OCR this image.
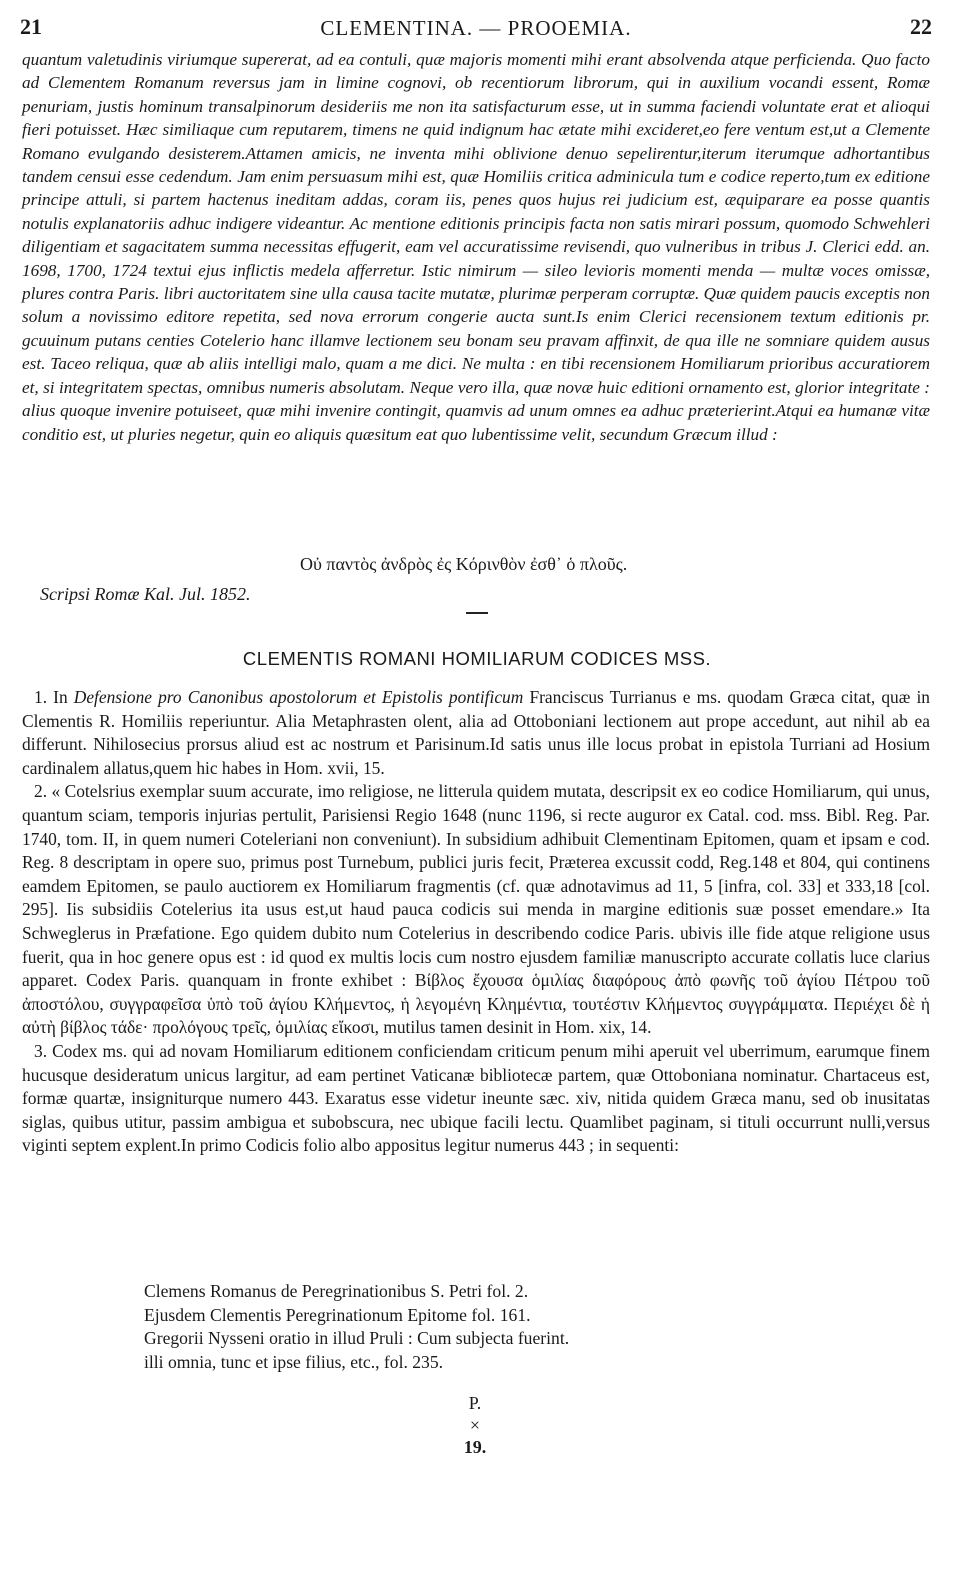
21	CLEMENTINA. — PROOEMIA.	22

quantum valetudinis viriumque supererat, ad ea contuli, quæ majoris momenti mihi erant absolvenda atque perficienda. Quo facto ad Clementem Romanum reversus jam in limine cognovi, ob recentiorum librorum, qui in auxilium vocandi essent, Romæ penuriam, justis hominum transalpinorum desideriis me non ita satisfacturum esse, ut in summa faciendi voluntate erat et alioqui fieri potuisset. Hæc similiaque cum reputarem, timens ne quid indignum hac ætate mihi excideret,eo fere ventum est,ut a Clemente Romano evulgando desisterem.Attamen amicis, ne inventa mihi oblivione denuo sepelirentur,iterum iterumque adhortantibus tandem censui esse cedendum. Jam enim persuasum mihi est, quæ Homiliis critica adminicula tum e codice reperto,tum ex editione principe attuli, si partem hactenus ineditam addas, coram iis, penes quos hujus rei judicium est, æquiparare ea posse quantis notulis explanatoriis adhuc indigere videantur. Ac mentione editionis principis facta non satis mirari possum, quomodo Schwehleri diligentiam et sagacitatem summa necessitas effugerit, eam vel accuratissime revisendi, quo vulneribus in tribus J. Clerici edd. an. 1698, 1700, 1724 textui ejus inflictis medela afferretur. Istic nimirum — sileo levioris momenti menda — multæ voces omissæ, plures contra Paris. libri auctoritatem sine ulla causa tacite mutatæ, plurimæ perperam corruptæ. Quæ quidem paucis exceptis non solum a novissimo editore repetita, sed nova errorum congerie aucta sunt.Is enim Clerici recensionem textum editionis pr. gcuuinum putans centies Cotelerio hanc illamve lectionem seu bonam seu pravam affinxit, de qua ille ne somniare quidem ausus est. Taceo reliqua, quæ ab aliis intelligi malo, quam a me dici. Ne multa : en tibi recensionem Homiliarum prioribus accuratiorem et, si integritatem spectas, omnibus numeris absolutam. Neque vero illa, quæ novæ huic editioni ornamento est, glorior integritate : alius quoque invenire potuiseet, quæ mihi invenire contingit, quamvis ad unum omnes ea adhuc præterierint.Atqui ea humanæ vitæ conditio est, ut pluries negetur, quin eo aliquis quæsitum eat quo lubentissime velit, secundum Græcum illud :

Οὐ παντὸς ἀνδρὸς ἐς Κόρινθὸν ἐσθ᾽ ὁ πλοῦς.
Scripsi Romæ Kal. Jul. 1852.
CLEMENTIS ROMANI HOMILIARUM CODICES MSS.

1. In Defensione pro Canonibus apostolorum et Epistolis pontificum Franciscus Turrianus e ms. quodam Græca citat, quæ in Clementis R. Homiliis reperiuntur. Alia Metaphrasten olent, alia ad Ottoboniani lectionem aut prope accedunt, aut nihil ab ea differunt. Nihilosecius prorsus aliud est ac nostrum et Parisinum.Id satis unus ille locus probat in epistola Turriani ad Hosium cardinalem allatus,quem hic habes in Hom. xvii, 15.

2. « Cotelsrius exemplar suum accurate, imo religiose, ne litterula quidem mutata, descripsit ex eo codice Homiliarum, qui unus, quantum sciam, temporis injurias pertulit, Parisiensi Regio 1648 (nunc 1196, si recte auguror ex Catal. cod. mss. Bibl. Reg. Par. 1740, tom. II, in quem numeri Coteleriani non conveniunt). In subsidium adhibuit Clementinam Epitomen, quam et ipsam e cod. Reg. 8 descriptam in opere suo, primus post Turnebum, publici juris fecit, Præterea excussit codd, Reg.148 et 804, qui continens eamdem Epitomen, se paulo auctiorem ex Homiliarum fragmentis (cf. quæ adnotavimus ad 11, 5 [infra, col. 33] et 333,18 [col. 295]. Iis subsidiis Cotelerius ita usus est,ut haud pauca codicis sui menda in margine editionis suæ posset emendare.» Ita Schweglerus in Præfatione. Ego quidem dubito num Cotelerius in describendo codice Paris. ubivis ille fide atque religione usus fuerit, qua in hoc genere opus est : id quod ex multis locis cum nostro ejusdem familiæ manuscripto accurate collatis luce clarius apparet. Codex Paris. quanquam in fronte exhibet : Βίβλος ἔχουσα ὁμιλίας διαφόρους ἀπὸ φωνῆς τοῦ ἁγίου Πέτρου τοῦ ἀποστόλου, συγγραφεῖσα ὑπὸ τοῦ ἁγίου Κλήμεντος, ἡ λεγομένη Κλημέντια, τουτέστιν Κλήμεντος συγγράμματα. Περιέχει δὲ ἡ αὐτὴ βίβλος τάδε· προλόγους τρεῖς, ὁμιλίας εἴκοσι, mutilus tamen desinit in Hom. xix, 14.

3. Codex ms. qui ad novam Homiliarum editionem conficiendam criticum penum mihi aperuit vel uberrimum, earumque finem hucusque desideratum unicus largitur, ad eam pertinet Vaticanæ bibliotecæ partem, quæ Ottoboniana nominatur. Chartaceus est, formæ quartæ, insigniturque numero 443. Exaratus esse videtur ineunte sæc. xiv, nitida quidem Græca manu, sed ob inusitatas siglas, quibus utitur, passim ambigua et subobscura, nec ubique facili lectu. Quamlibet paginam, si tituli occurrunt nulli,versus viginti septem explent.In primo Codicis folio albo appositus legitur numerus 443 ; in sequenti:

Clemens Romanus de Peregrinationibus S. Petri fol. 2.
Ejusdem Clementis Peregrinationum Epitome fol. 161.
Gregorii Nysseni oratio in illud Pruli : Cum subjecta fuerint.
illi omnia, tunc et ipse filius, etc., fol. 235.
P.
×
19.
